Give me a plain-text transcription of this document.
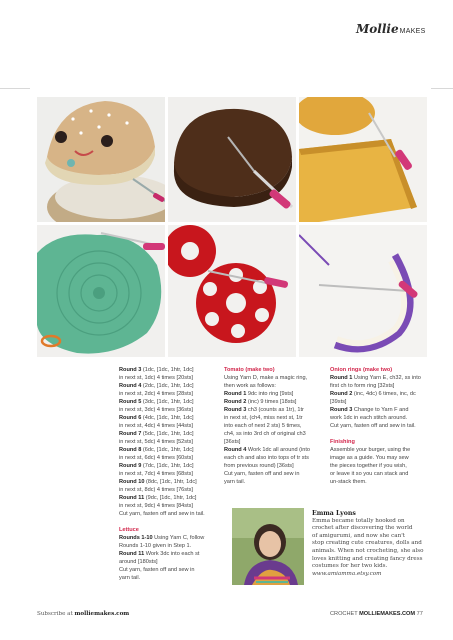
Mollie MAKES
Round 3 (1dc, [1dc, 1htr, 1dc]
in next st, 1dc) 4 times [20sts]
Round 4 (2dc, [1dc, 1htr, 1dc]
in next st, 2dc) 4 times [28sts]
Round 5 (3dc, [1dc, 1htr, 1dc]
in next st, 3dc) 4 times [36sts]
Round 6 (4dc, [1dc, 1htr, 1dc]
in next st, 4dc) 4 times [44sts]
Round 7 (5dc, [1dc, 1htr, 1dc]
in next st, 5dc) 4 times [52sts]
Round 8 (6dc, [1dc, 1htr, 1dc]
in next st, 6dc) 4 times [60sts]
Round 9 (7dc, [1dc, 1htr, 1dc]
in next st, 7dc) 4 times [68sts]
Round 10 (8dc, [1dc, 1htr, 1dc]
in next st, 8dc) 4 times [76sts]
Round 11 (9dc, [1dc, 1htr, 1dc]
in next st, 9dc) 4 times [84sts]
Cut yarn, fasten off and sew in tail.
Lettuce
Rounds 1-10 Using Yarn C, follow
Rounds 1-10 given in Step 1.
Round 11 Work 3dc into each st
around [180sts]
Cut yarn, fasten off and sew in
yarn tail.
Tomato (make two)
Using Yarn D, make a magic ring,
then work as follows:
Round 1 9dc into ring [9sts]
Round 2 (inc) 9 times [18sts]
Round 3 ch3 (counts as 1tr), 1tr
in next st, (ch4, miss next st, 1tr
into each of next 2 sts) 5 times,
ch4, ss into 3rd ch of original ch3
[36sts]
Round 4 Work 1dc all around (into
each ch and also into tops of tr sts
from previous round) [36sts]
Cut yarn, fasten off and sew in
yarn tail.
Onion rings (make two)
Round 1 Using Yarn E, ch32, ss into
first ch to form ring [32sts]
Round 2 (inc, 4dc) 6 times, inc, dc
[39sts]
Round 3 Change to Yarn F and
work 1dc in each stitch around.
Cut yarn, fasten off and sew in tail.
Finishing
Assemble your burger, using the
image as a guide. You may sew
the pieces together if you wish,
or leave it so you can stack and
un-stack them.
Emma Lyons
Emma became totally hooked on
crochet after discovering the world
of amigurumi, and now she can't
stop creating cute creatures, dolls and
animals. When not crocheting, she also
loves knitting and creating fancy dress
costumes for her two kids.
www.amiamma.etsy.com
Subscribe at molliemakes.com	CROCHET MOLLIEMAKES.COM 77
